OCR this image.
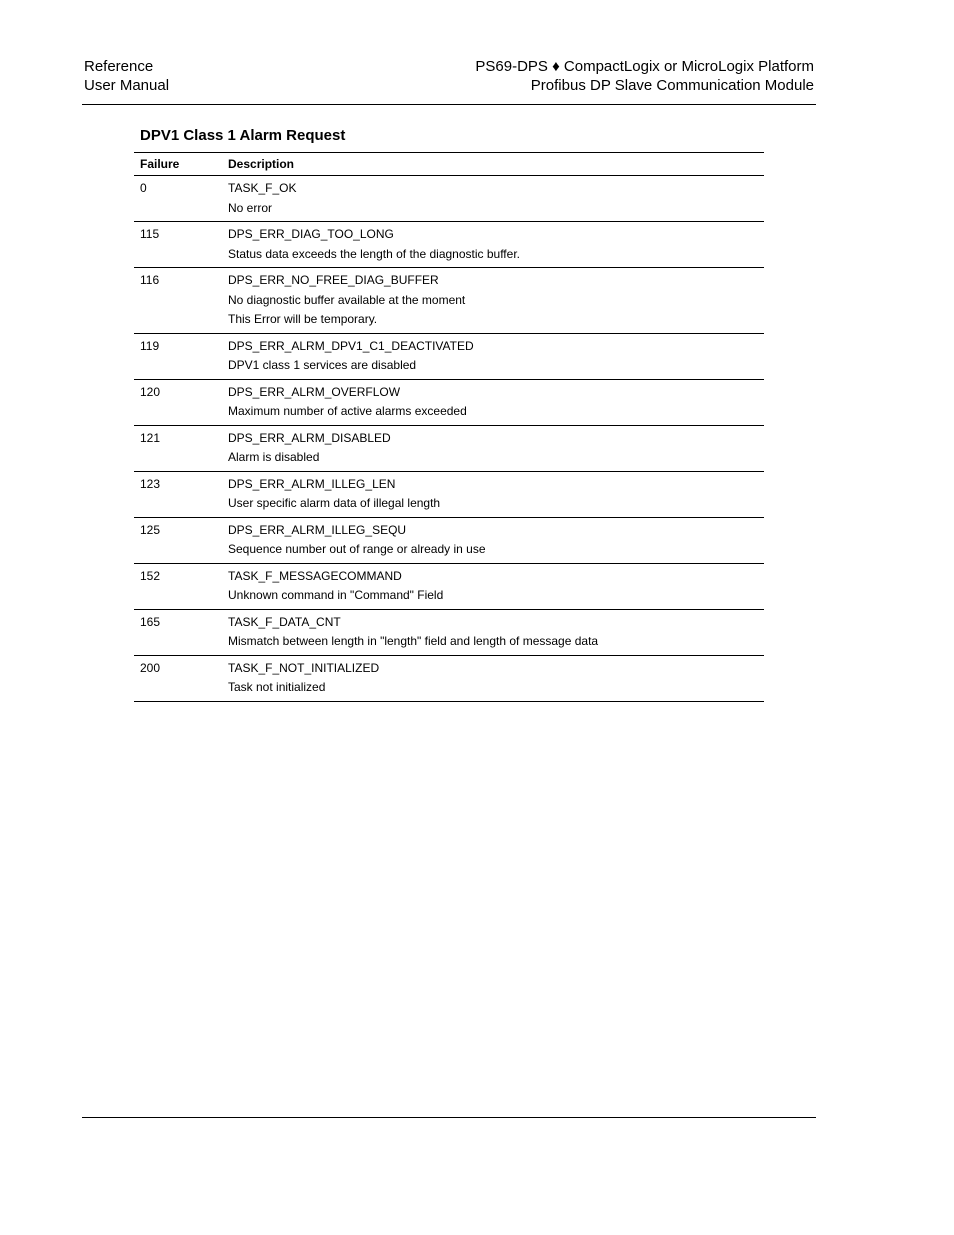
Reference
User Manual
PS69-DPS ♦ CompactLogix or MicroLogix Platform
Profibus DP Slave Communication Module
DPV1 Class 1 Alarm Request
Failure	Description
0	TASK_F_OK
No error
115	DPS_ERR_DIAG_TOO_LONG
Status data exceeds the length of the diagnostic buffer.
116	DPS_ERR_NO_FREE_DIAG_BUFFER
No diagnostic buffer available at the moment
This Error will be temporary.
119	DPS_ERR_ALRM_DPV1_C1_DEACTIVATED
DPV1 class 1 services are disabled
120	DPS_ERR_ALRM_OVERFLOW
Maximum number of active alarms exceeded
121	DPS_ERR_ALRM_DISABLED
Alarm is disabled
123	DPS_ERR_ALRM_ILLEG_LEN
User specific alarm data of illegal length
125	DPS_ERR_ALRM_ILLEG_SEQU
Sequence number out of range or already in use
152	TASK_F_MESSAGECOMMAND
Unknown command in "Command" Field
165	TASK_F_DATA_CNT
Mismatch between length in "length" field and length of message data
200	TASK_F_NOT_INITIALIZED
Task not initialized
